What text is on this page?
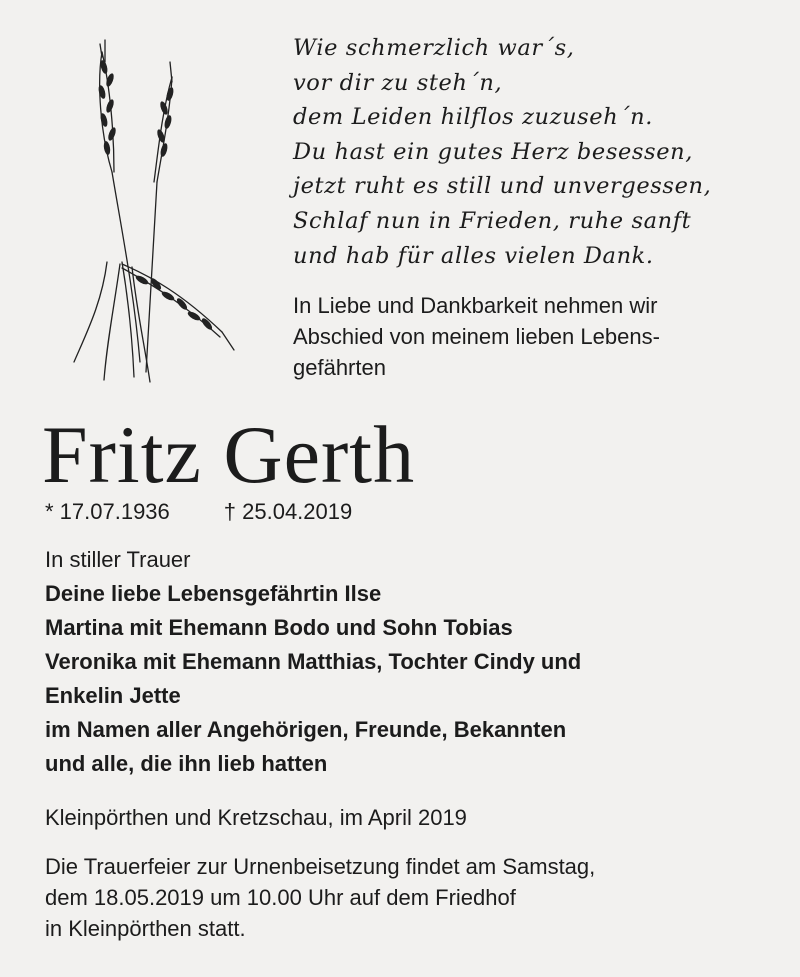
Wie schmerzlich war´s,
vor dir zu steh´n,
dem Leiden hilflos zuzuseh´n.
Du hast ein gutes Herz besessen,
jetzt ruht es still und unvergessen,
Schlaf nun in Frieden, ruhe sanft
und hab für alles vielen Dank.

In Liebe und Dankbarkeit nehmen wir
Abschied von meinem lieben Lebens-
gefährten

Fritz Gerth
* 17.07.1936 † 25.04.2019
In stiller Trauer
Deine liebe Lebensgefährtin Ilse
Martina mit Ehemann Bodo und Sohn Tobias
Veronika mit Ehemann Matthias, Tochter Cindy und
Enkelin Jette
im Namen aller Angehörigen, Freunde, Bekannten
und alle, die ihn lieb hatten
Kleinpörthen und Kretzschau, im April 2019
Die Trauerfeier zur Urnenbeisetzung findet am Samstag,
dem 18.05.2019 um 10.00 Uhr auf dem Friedhof
in Kleinpörthen statt.
